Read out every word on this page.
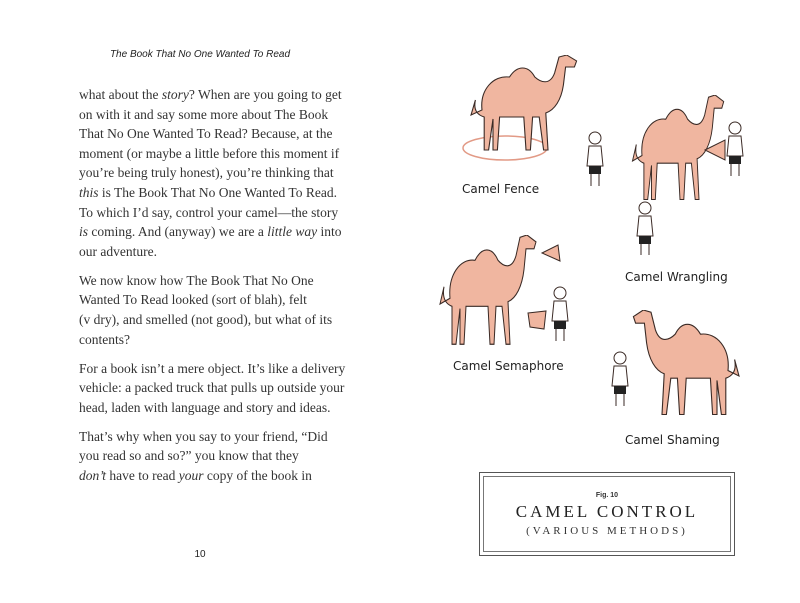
The Book That No One Wanted To Read

what about the story? When are you going to get
on with it and say some more about The Book
That No One Wanted To Read? Because, at the
moment (or maybe a little before this moment if
you’re being truly honest), you’re thinking that
this is The Book That No One Wanted To Read.
To which I’d say, control your camel—the story
is coming. And (anyway) we are a little way into
our adventure.

We now know how The Book That No One
Wanted To Read looked (sort of blah), felt
(v dry), and smelled (not good), but what of its
contents?

For a book isn’t a mere object. It’s like a delivery
vehicle: a packed truck that pulls up outside your
head, laden with language and story and ideas.

That’s why when you say to your friend, “Did
you read so and so?” you know that they
don’t have to read your copy of the book in

10
Camel Fence
Camel Wrangling
Camel Semaphore
Camel Shaming
Fig. 10
CAMEL CONTROL
(VARIOUS METHODS)
